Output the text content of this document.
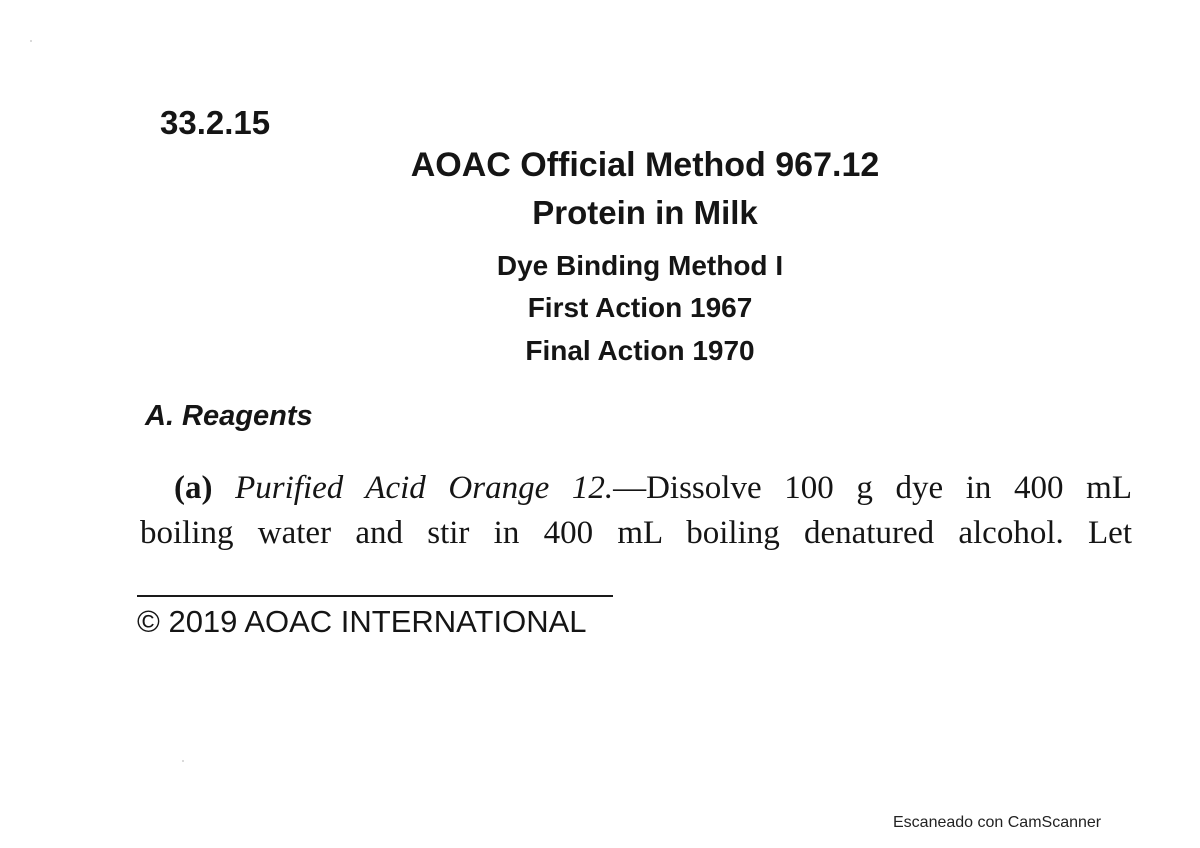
33.2.15
AOAC Official Method 967.12
Protein in Milk
Dye Binding Method I
First Action 1967
Final Action 1970
A. Reagents
(a) Purified Acid Orange 12.—Dissolve 100 g dye in 400 mL
boiling water and stir in 400 mL boiling denatured alcohol. Let
© 2019 AOAC INTERNATIONAL
Escaneado con CamScanner
